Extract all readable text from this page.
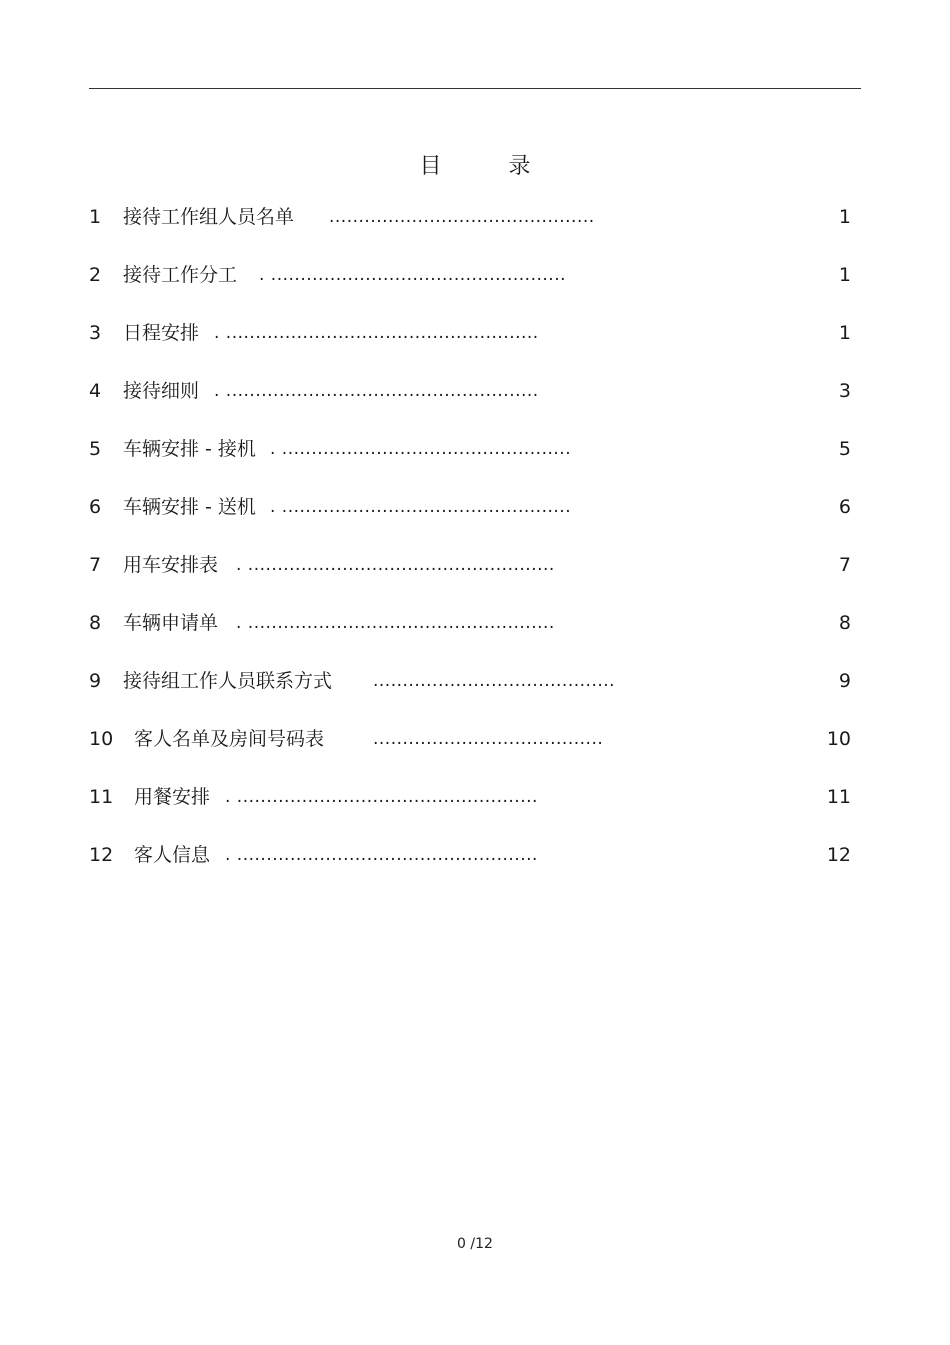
目 录
1 接待工作组人员名单 .............................................	1
2 接待工作分工 . ..................................................	1
3 日程安排 . .....................................................	1
4 接待细则 . .....................................................	3
5 车辆安排 - 接机 . .................................................	5
6 车辆安排 - 送机 . .................................................	6
7 用车安排表 . ....................................................	7
8 车辆申请单 . ....................................................	8
9 接待组工作人员联系方式 .........................................	9
10 客人名单及房间号码表	.......................................	10
11 用餐安排 . ...................................................	11
12 客人信息 . ...................................................	12
0 /12
